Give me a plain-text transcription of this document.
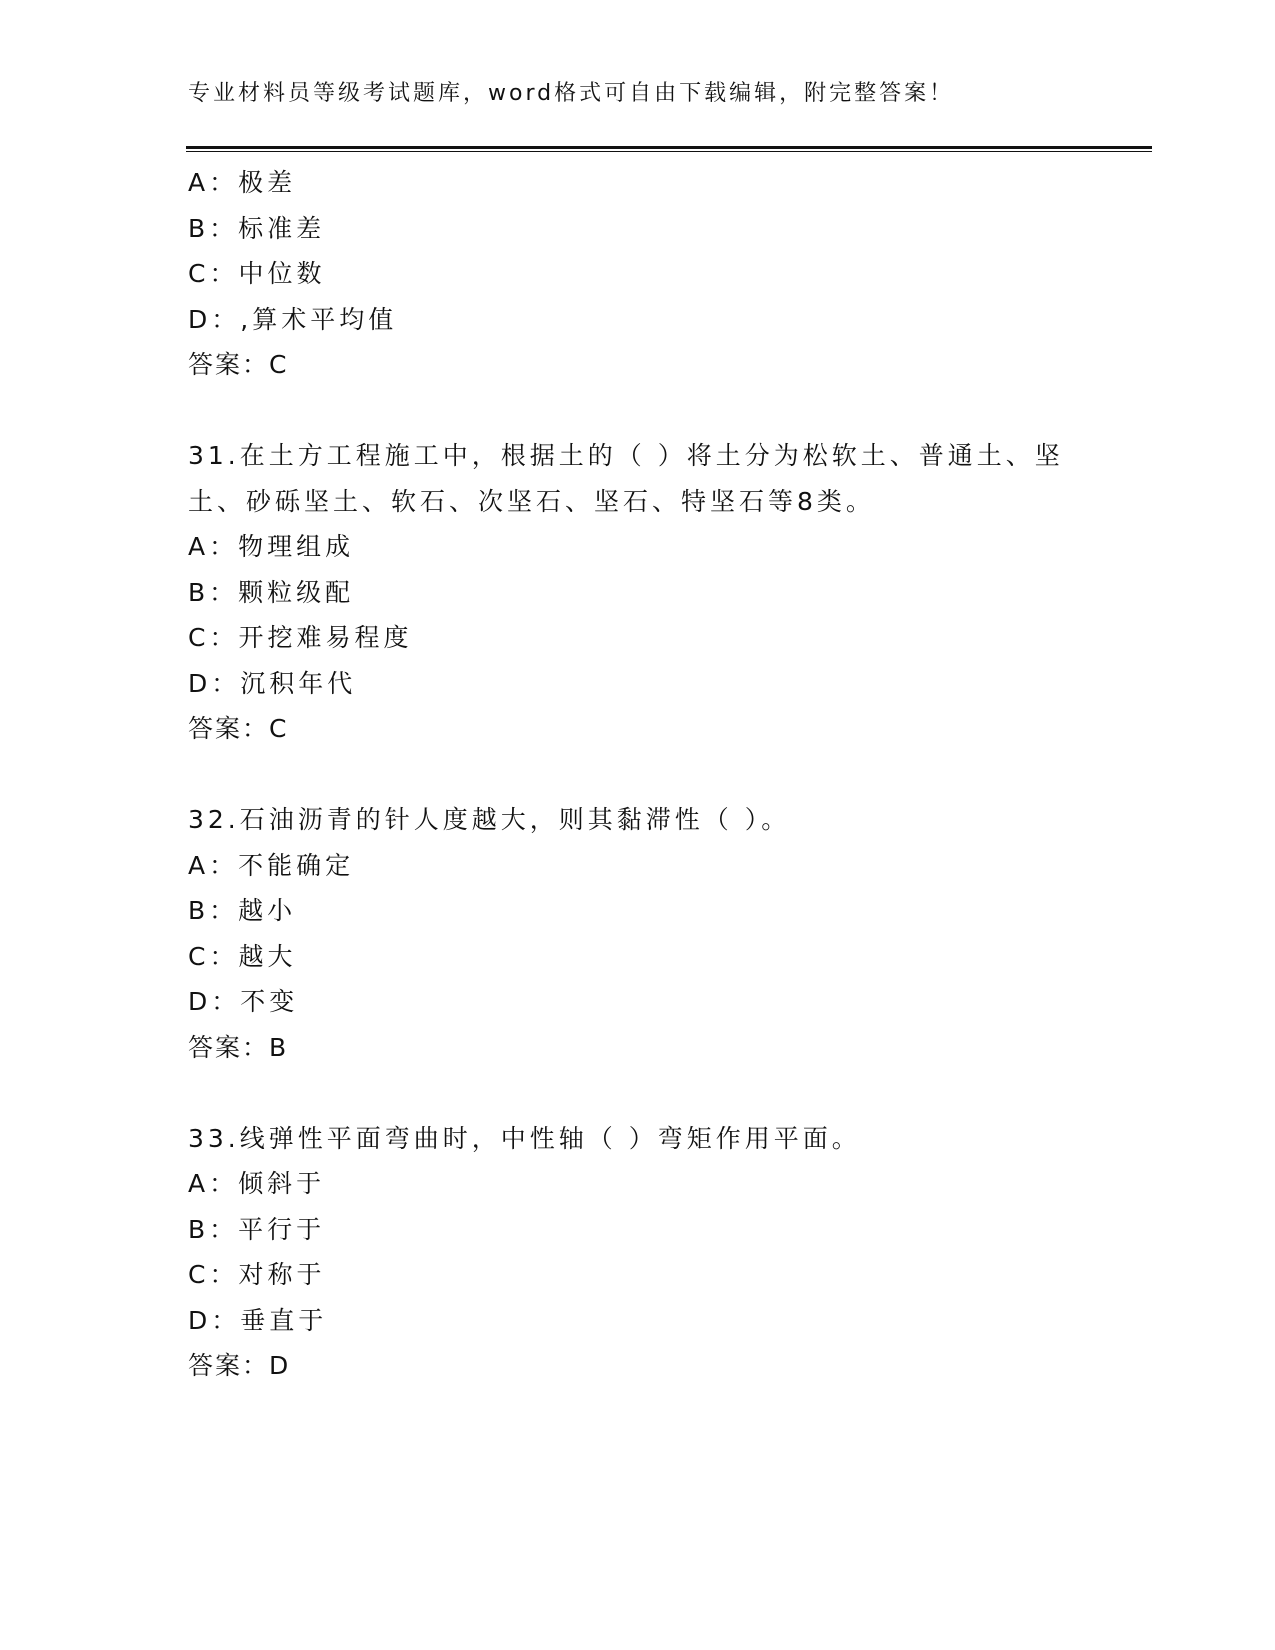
专业材料员等级考试题库，word格式可自由下载编辑，附完整答案！
A：极差
B：标准差
C：中位数
D：,算术平均值
答案：C
31.在土方工程施工中，根据土的（ ）将土分为松软土、普通土、坚土、砂砾坚土、软石、次坚石、坚石、特坚石等8类。
A：物理组成
B：颗粒级配
C：开挖难易程度
D：沉积年代
答案：C
32.石油沥青的针人度越大，则其黏滞性（ ）。
A：不能确定
B：越小
C：越大
D：不变
答案：B
33.线弹性平面弯曲时，中性轴（ ）弯矩作用平面。
A：倾斜于
B：平行于
C：对称于
D：垂直于
答案：D
